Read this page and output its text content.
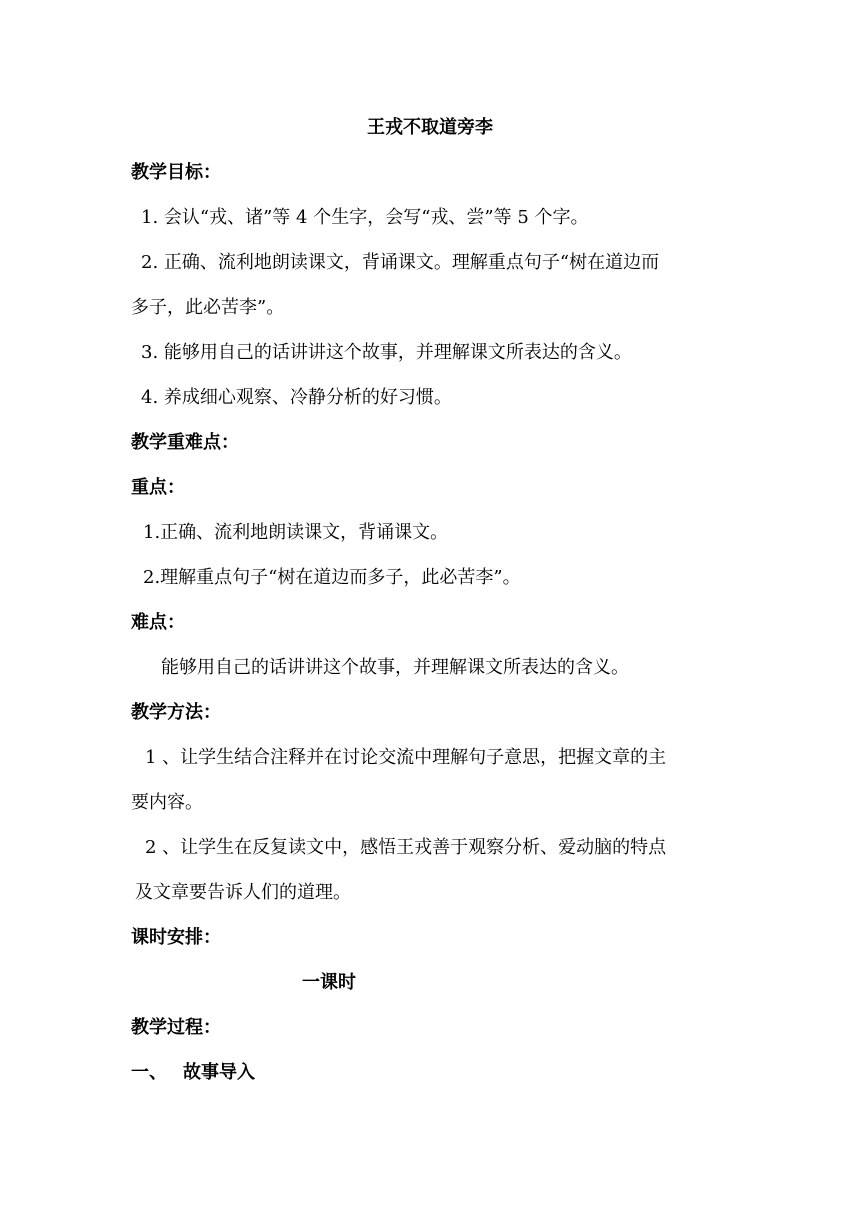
王戎不取道旁李
教学目标：
1. 会认“戎、诸”等 4 个生字，会写“戎、尝”等 5 个字。
2. 正确、流利地朗读课文，背诵课文。理解重点句子“树在道边而
多子，此必苦李”。
3. 能够用自己的话讲讲这个故事，并理解课文所表达的含义。
4. 养成细心观察、冷静分析的好习惯。
教学重难点：
重点：
1.正确、流利地朗读课文，背诵课文。
2.理解重点句子“树在道边而多子，此必苦李”。
难点：
能够用自己的话讲讲这个故事，并理解课文所表达的含义。
教学方法：
1 、让学生结合注释并在讨论交流中理解句子意思，把握文章的主
要内容。
2 、让学生在反复读文中，感悟王戎善于观察分析、爱动脑的特点
及文章要告诉人们的道理。
课时安排：
一课时
教学过程：
一、 故事导入
